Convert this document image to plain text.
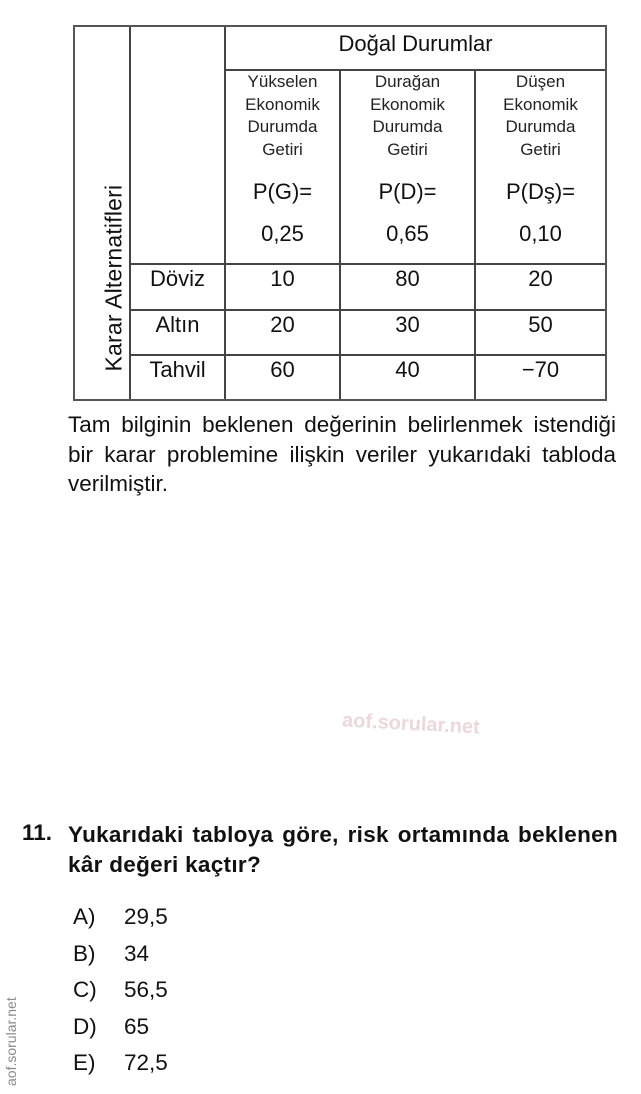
Karar Alternatifleri
Doğal Durumlar
Yükselen
Ekonomik
Durumda
Getiri
P(G)=
0,25
Durağan
Ekonomik
Durumda
Getiri
P(D)=
0,65
Düşen
Ekonomik
Durumda
Getiri
P(Dş)=
0,10
Döviz	10	80	20
Altın	20	30	50
Tahvil	60	40	−70
Tam bilginin beklenen değerinin belirlenmek istendiği bir karar problemine ilişkin veriler yukarıdaki tabloda verilmiştir.
aof.sorular.net
aof.sorular.net
11. Yukarıdaki tabloya göre, risk ortamında beklenen kâr değeri kaçtır?
A)	29,5
B)	34
C)	56,5
D)	65
E)	72,5
